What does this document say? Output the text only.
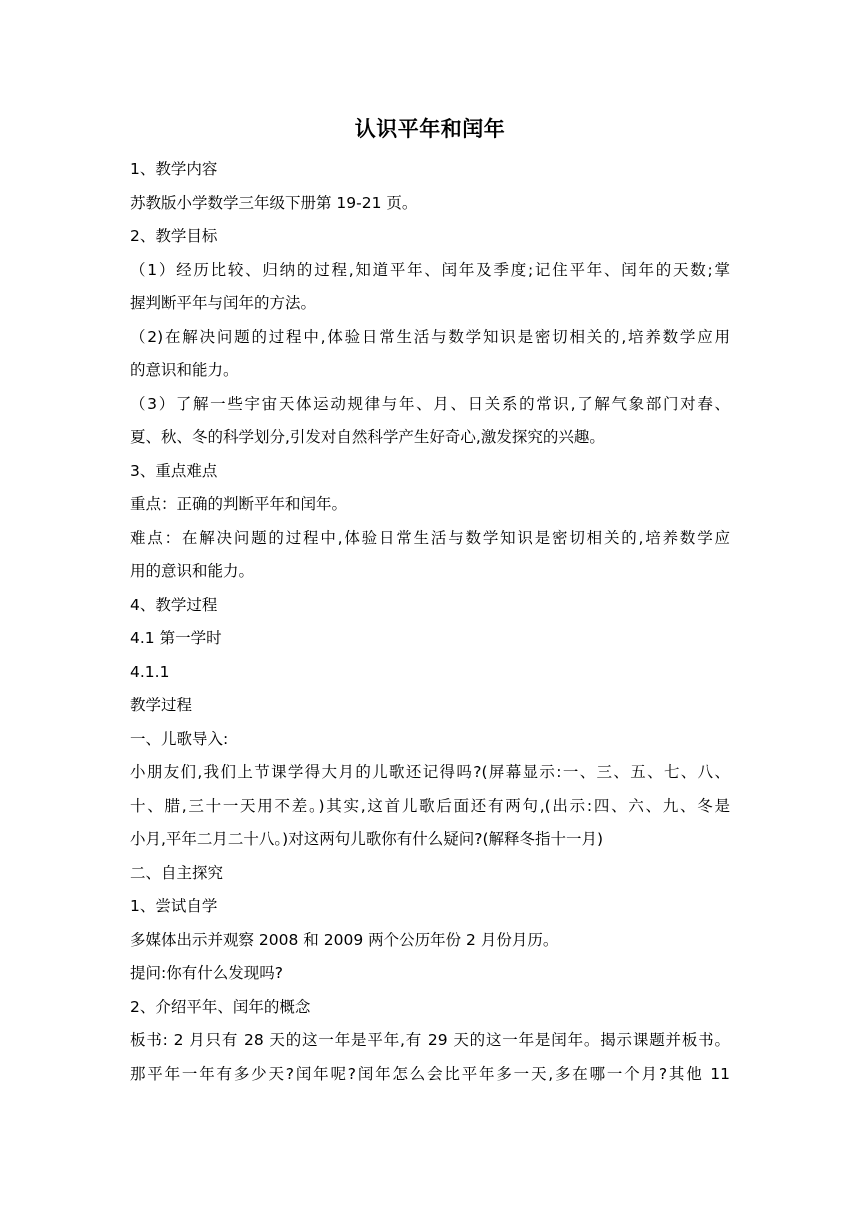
认识平年和闰年
1、教学内容
苏教版小学数学三年级下册第 19-21 页。
2、教学目标
（1）经历比较、归纳的过程,知道平年、闰年及季度;记住平年、闰年的天数;掌
握判断平年与闰年的方法。
（2)在解决问题的过程中,体验日常生活与数学知识是密切相关的,培养数学应用
的意识和能力。
（3）了解一些宇宙天体运动规律与年、月、日关系的常识,了解气象部门对春、
夏、秋、冬的科学划分,引发对自然科学产生好奇心,激发探究的兴趣。
3、重点难点
重点：正确的判断平年和闰年。
难点：在解决问题的过程中,体验日常生活与数学知识是密切相关的,培养数学应
用的意识和能力。
4、教学过程
4.1 第一学时
4.1.1
教学过程
一、儿歌导入:
小朋友们,我们上节课学得大月的儿歌还记得吗?(屏幕显示:一、三、五、七、八、
十、腊,三十一天用不差。)其实,这首儿歌后面还有两句,(出示:四、六、九、冬是
小月,平年二月二十八。)对这两句儿歌你有什么疑问?(解释冬指十一月)
二、自主探究
1、尝试自学
多媒体出示并观察 2008 和 2009 两个公历年份 2 月份月历。
提问:你有什么发现吗?
2、介绍平年、闰年的概念
板书: 2 月只有 28 天的这一年是平年,有 29 天的这一年是闰年。揭示课题并板书。
那平年一年有多少天?闰年呢?闰年怎么会比平年多一天,多在哪一个月?其他 11
